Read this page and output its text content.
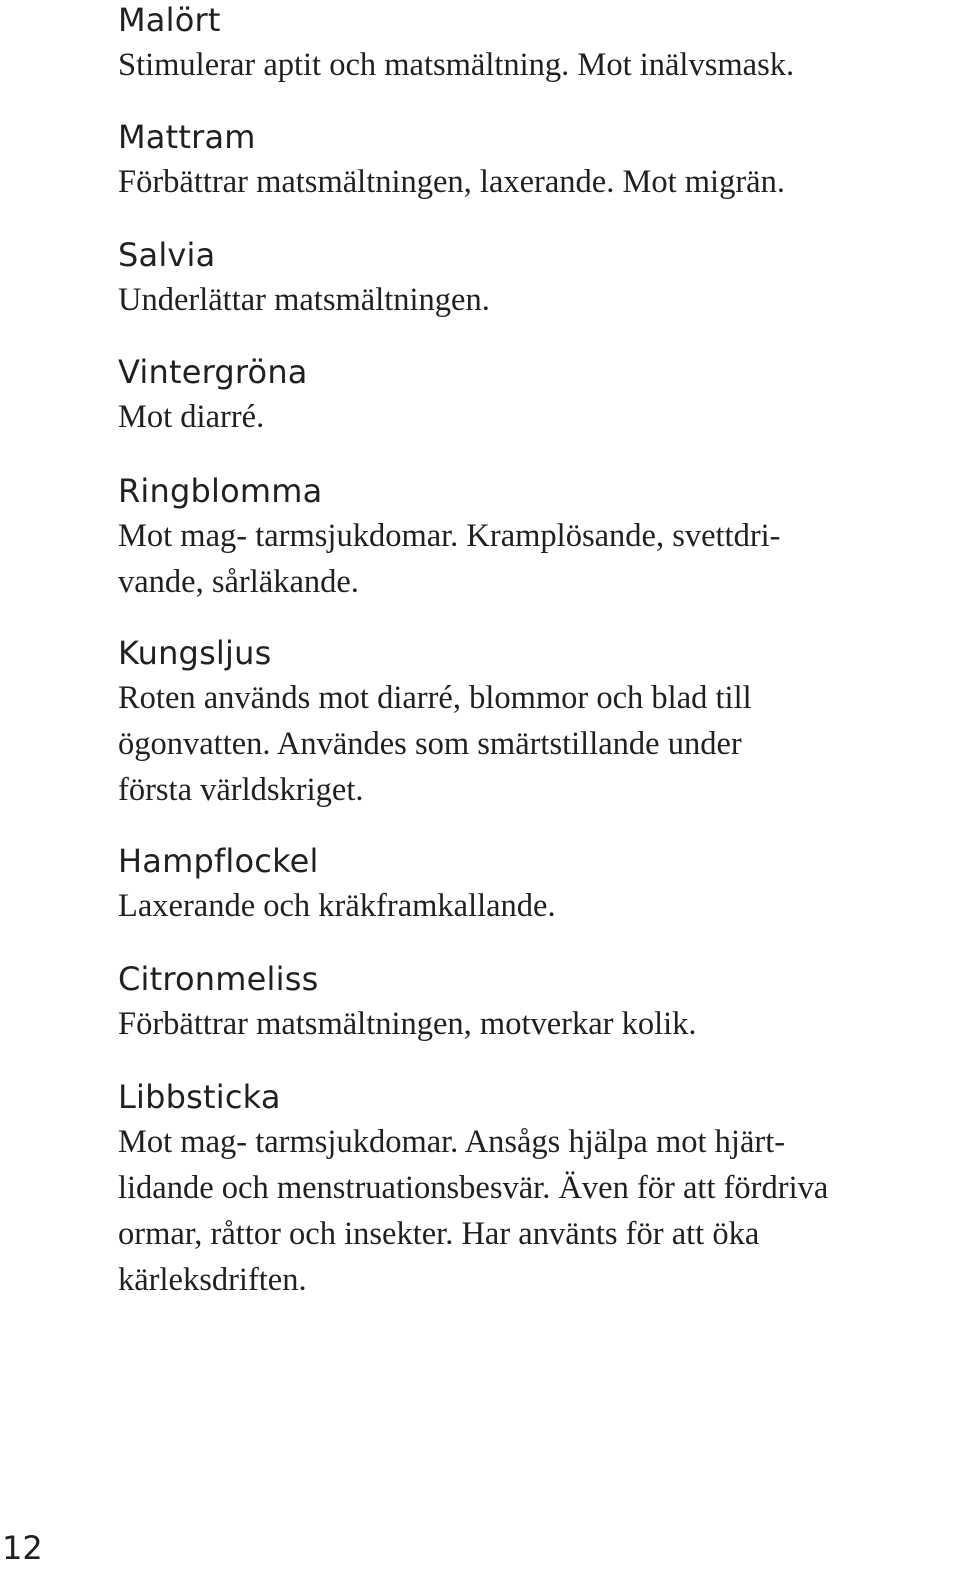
Malört

Stimulerar aptit och matsmältning. Mot inälvsmask.

Mattram

Förbättrar matsmältningen, laxerande. Mot migrän.

Salvia

Underlättar matsmältningen.

Vintergröna

Mot diarré.

Ringblomma

Mot mag- tarmsjukdomar. Kramplösande, svettdri-
vande, sårläkande.

Kungsljus

Roten används mot diarré, blommor och blad till
ögonvatten. Användes som smärtstillande under
första världskriget.

Hampflockel

Laxerande och kräkframkallande.

Citronmeliss

Förbättrar matsmältningen, motverkar kolik.

Libbsticka

Mot mag- tarmsjukdomar. Ansågs hjälpa mot hjärt-
lidande och menstruationsbesvär. Även för att fördriva
ormar, råttor och insekter. Har använts för att öka
kärleksdriften.

12
